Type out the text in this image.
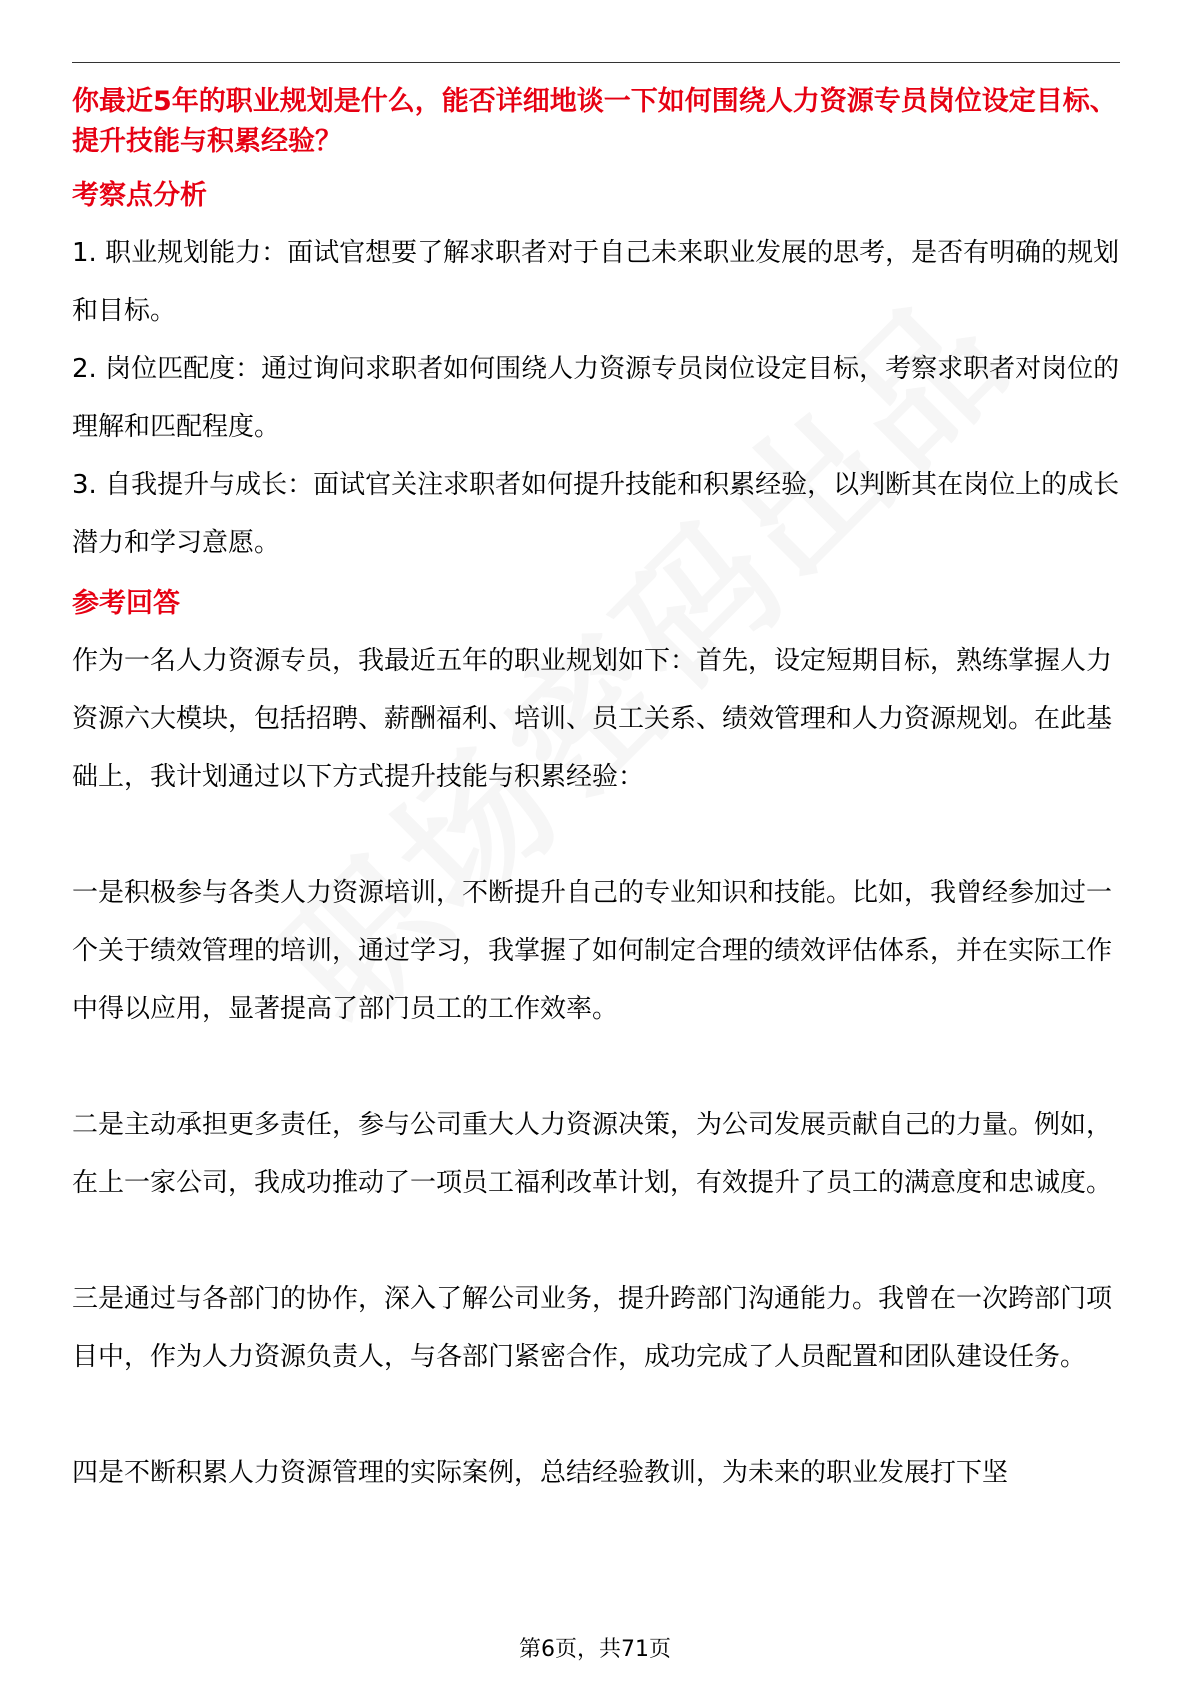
你最近5年的职业规划是什么，能否详细地谈一下如何围绕人力资源专员岗位设定目标、提升技能与积累经验？
考察点分析

1. 职业规划能力：面试官想要了解求职者对于自己未来职业发展的思考，是否有明确的规划和目标。

2. 岗位匹配度：通过询问求职者如何围绕人力资源专员岗位设定目标，考察求职者对岗位的理解和匹配程度。

3. 自我提升与成长：面试官关注求职者如何提升技能和积累经验，以判断其在岗位上的成长潜力和学习意愿。

参考回答

作为一名人力资源专员，我最近五年的职业规划如下：首先，设定短期目标，熟练掌握人力资源六大模块，包括招聘、薪酬福利、培训、员工关系、绩效管理和人力资源规划。在此基础上，我计划通过以下方式提升技能与积累经验：

一是积极参与各类人力资源培训，不断提升自己的专业知识和技能。比如，我曾经参加过一个关于绩效管理的培训，通过学习，我掌握了如何制定合理的绩效评估体系，并在实际工作中得以应用，显著提高了部门员工的工作效率。

二是主动承担更多责任，参与公司重大人力资源决策，为公司发展贡献自己的力量。例如，在上一家公司，我成功推动了一项员工福利改革计划，有效提升了员工的满意度和忠诚度。

三是通过与各部门的协作，深入了解公司业务，提升跨部门沟通能力。我曾在一次跨部门项目中，作为人力资源负责人，与各部门紧密合作，成功完成了人员配置和团队建设任务。

四是不断积累人力资源管理的实际案例，总结经验教训，为未来的职业发展打下坚

第6页，共71页
